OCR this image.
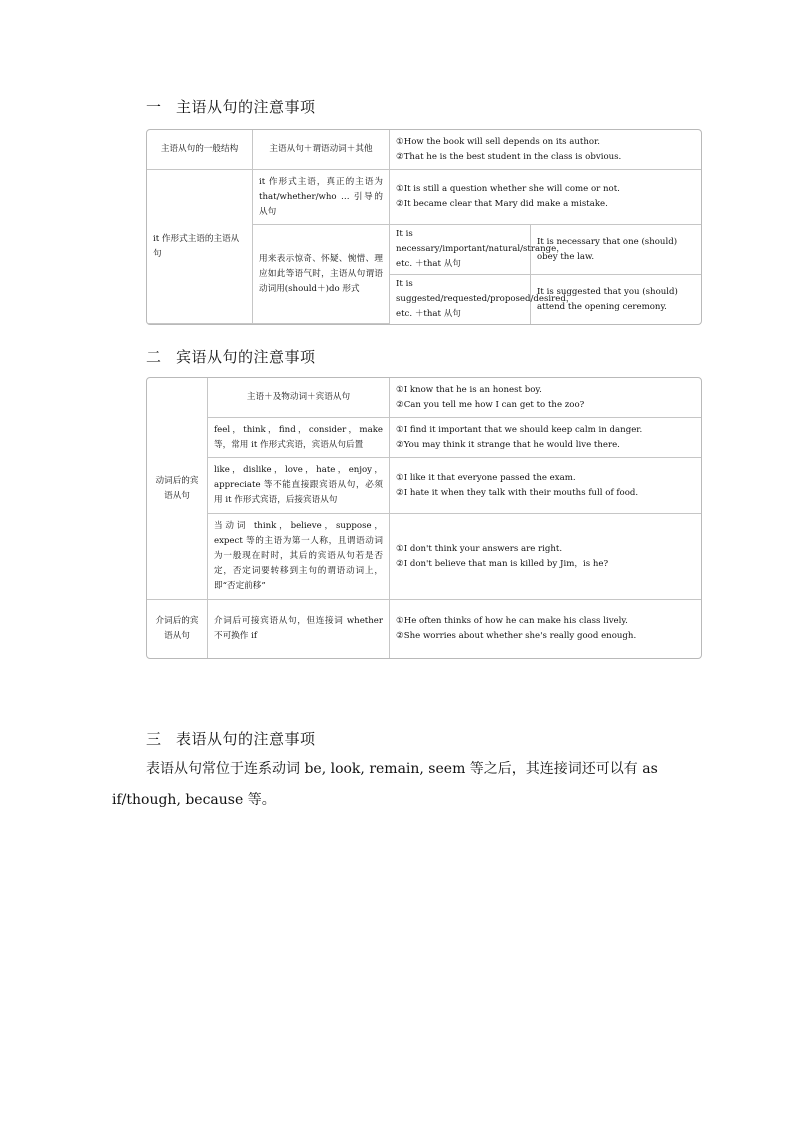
一 主语从句的注意事项
主语从句的一般结构	主语从句＋谓语动词＋其他	①How the book will sell depends on its author.
②That he is the best student in the class is obvious.	

it 作形式主语的主语从句	it 作形式主语，真正的主语为 that/whether/who … 引导的从句	①It is still a question whether she will come or not.
②It became clear that Mary did make a mistake.	

	用来表示惊奇、怀疑、惋惜、理应如此等语气时，主语从句谓语动词用(should＋)do 形式	It is necessary/important/natural/strange，etc. ＋that 从句	It is necessary that one (should) obey the law.
		It is suggested/requested/proposed/desired，etc. ＋that 从句	It is suggested that you (should) attend the opening ceremony.
二 宾语从句的注意事项
动词后的宾语从句	主语＋及物动词＋宾语从句	①I know that he is an honest boy.
②Can you tell me how I can get to the zoo?

	feel，think，find，consider，make 等，常用 it 作形式宾语，宾语从句后置	①I find it important that we should keep calm in danger.
②You may think it strange that he would live there.

	like，dislike，love，hate，enjoy，appreciate 等不能直接跟宾语从句，必须用 it 作形式宾语，后接宾语从句	①I like it that everyone passed the exam.
②I hate it when they talk with their mouths full of food.

	当动词 think，believe，suppose，expect 等的主语为第一人称，且谓语动词为一般现在时时，其后的宾语从句若是否定，否定词要转移到主句的谓语动词上，即“否定前移”	①I don't think your answers are right.
②I don't believe that man is killed by Jim，is he?

介词后的宾语从句	介词后可接宾语从句，但连接词 whether 不可换作 if	①He often thinks of how he can make his class lively.
②She worries about whether she's really good enough.
三 表语从句的注意事项
表语从句常位于连系动词 be, look, remain, seem 等之后，其连接词还可以有 as if/though, because 等。
